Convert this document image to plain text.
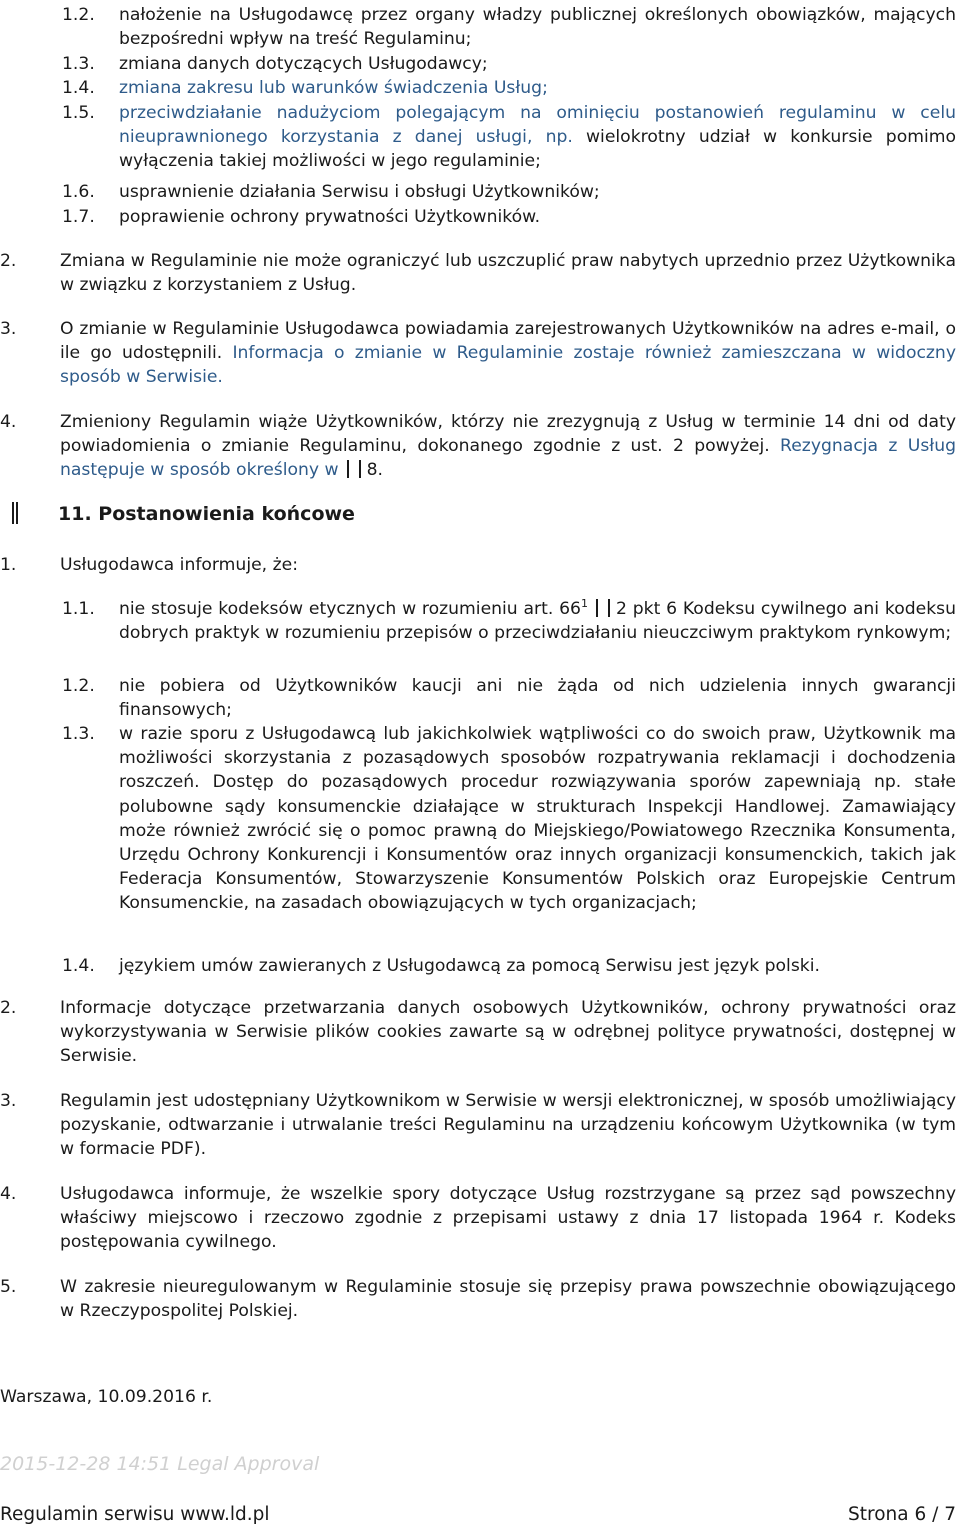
1.2.	nałożenie na Usługodawcę przez organy władzy publicznej określonych obowiązków, mających bezpośredni wpływ na treść Regulaminu;
1.3.	zmiana danych dotyczących Usługodawcy;
1.4.	zmiana zakresu lub warunków świadczenia Usług;
1.5.	przeciwdziałanie nadużyciom polegającym na ominięciu postanowień regulaminu w celu nieuprawnionego korzystania z danej usługi, np. wielokrotny udział w konkursie pomimo wyłączenia takiej możliwości w jego regulaminie;
1.6.	usprawnienie działania Serwisu i obsługi Użytkowników;
1.7.	poprawienie ochrony prywatności Użytkowników.
2.	Zmiana w Regulaminie nie może ograniczyć lub uszczuplić praw nabytych uprzednio przez Użytkownika w związku z korzystaniem z Usług.
3.	O zmianie w Regulaminie Usługodawca powiadamia zarejestrowanych Użytkowników na adres e-mail, o ile go udostępnili. Informacja o zmianie w Regulaminie zostaje również zamieszczana w widoczny sposób w Serwisie.
4.	Zmieniony Regulamin wiąże Użytkowników, którzy nie zrezygnują z Usług w terminie 14 dni od daty powiadomienia o zmianie Regulaminu, dokonanego zgodnie z ust. 2 powyżej. Rezygnacja z Usług następuje w sposób określony w 8.
11. Postanowienia końcowe
1.	Usługodawca informuje, że:
1.1.	nie stosuje kodeksów etycznych w rozumieniu art. $66^1$ 2 pkt 6 Kodeksu cywilnego ani kodeksu dobrych praktyk w rozumieniu przepisów o przeciwdziałaniu nieuczciwym praktykom rynkowym;
1.2.	nie pobiera od Użytkowników kaucji ani nie żąda od nich udzielenia innych gwarancji finansowych;
1.3.	w razie sporu z Usługodawcą lub jakichkolwiek wątpliwości co do swoich praw, Użytkownik ma możliwości skorzystania z pozasądowych sposobów rozpatrywania reklamacji i dochodzenia roszczeń. Dostęp do pozasądowych procedur rozwiązywania sporów zapewniają np. stałe polubowne sądy konsumenckie działające w strukturach Inspekcji Handlowej. Zamawiający może również zwrócić się o pomoc prawną do Miejskiego/Powiatowego Rzecznika Konsumenta, Urzędu Ochrony Konkurencji i Konsumentów oraz innych organizacji konsumenckich, takich jak Federacja Konsumentów, Stowarzyszenie Konsumentów Polskich oraz Europejskie Centrum Konsumenckie, na zasadach obowiązujących w tych organizacjach;
1.4.	językiem umów zawieranych z Usługodawcą za pomocą Serwisu jest język polski.
2.	Informacje dotyczące przetwarzania danych osobowych Użytkowników, ochrony prywatności oraz wykorzystywania w Serwisie plików cookies zawarte są w odrębnej polityce prywatności, dostępnej w Serwisie.
3.	Regulamin jest udostępniany Użytkownikom w Serwisie w wersji elektronicznej, w sposób umożliwiający pozyskanie, odtwarzanie i utrwalanie treści Regulaminu na urządzeniu końcowym Użytkownika (w tym w formacie PDF).
4.	Usługodawca informuje, że wszelkie spory dotyczące Usług rozstrzygane są przez sąd powszechny właściwy miejscowo i rzeczowo zgodnie z przepisami ustawy z dnia 17 listopada 1964 r. Kodeks postępowania cywilnego.
5.	W zakresie nieuregulowanym w Regulaminie stosuje się przepisy prawa powszechnie obowiązującego w Rzeczypospolitej Polskiej.
Warszawa, 10.09.2016 r.
2015-12-28 14:51 Legal Approval
Regulamin serwisu www.ld.pl	Strona 6 / 7
